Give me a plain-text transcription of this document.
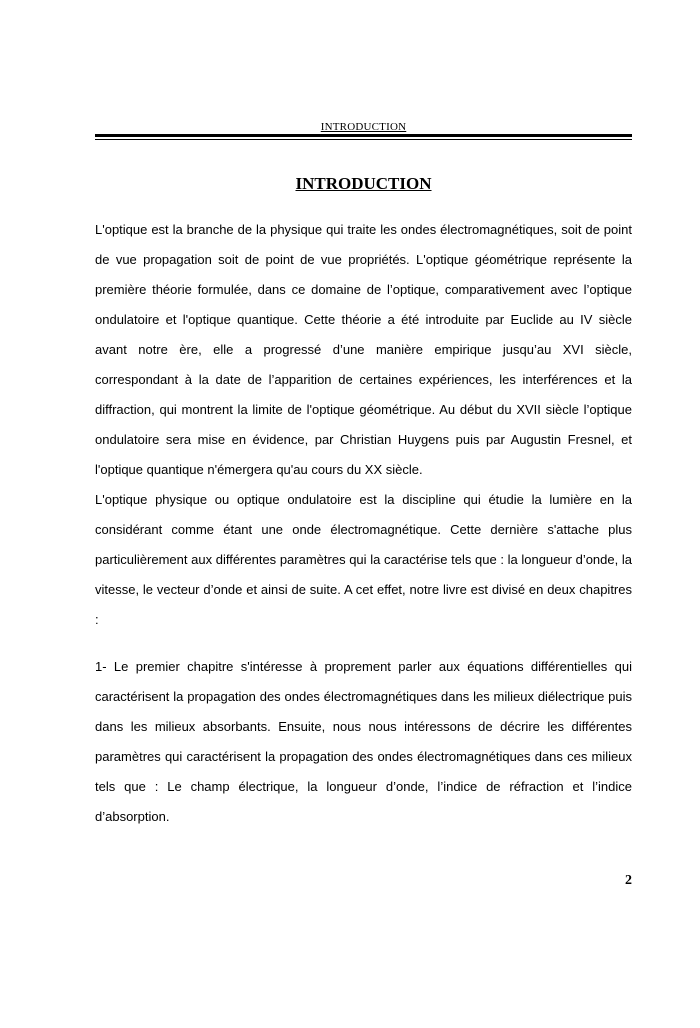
INTRODUCTION
INTRODUCTION

L'optique est la branche de la physique qui traite les ondes électromagnétiques, soit de point de vue propagation soit de point de vue propriétés. L'optique géométrique représente la première théorie formulée, dans ce domaine de l’optique, comparativement avec l’optique ondulatoire et l'optique quantique. Cette théorie a été introduite par Euclide au IV siècle avant notre ère, elle a progressé d’une manière empirique jusqu’au XVI siècle, correspondant à la date de l’apparition de certaines expériences, les interférences et la diffraction, qui montrent la limite de l'optique géométrique. Au début du XVII siècle l’optique ondulatoire sera mise en évidence, par Christian Huygens puis par Augustin Fresnel, et l'optique quantique n'émergera qu'au cours du XX siècle.

L'optique physique ou optique ondulatoire est la discipline qui étudie la lumière en la considérant comme étant une onde électromagnétique. Cette dernière s'attache plus particulièrement aux différentes paramètres qui la caractérise tels que : la longueur d’onde, la vitesse, le vecteur d’onde et ainsi de suite. A cet effet, notre livre est divisé en deux chapitres :

1- Le premier chapitre s'intéresse à proprement parler aux équations différentielles qui caractérisent la propagation des ondes électromagnétiques dans les milieux diélectrique puis dans les milieux absorbants. Ensuite, nous nous intéressons de décrire les différentes paramètres qui caractérisent la propagation des ondes électromagnétiques dans ces milieux tels que : Le champ électrique, la longueur d’onde, l’indice de réfraction et l’indice d’absorption.

2
